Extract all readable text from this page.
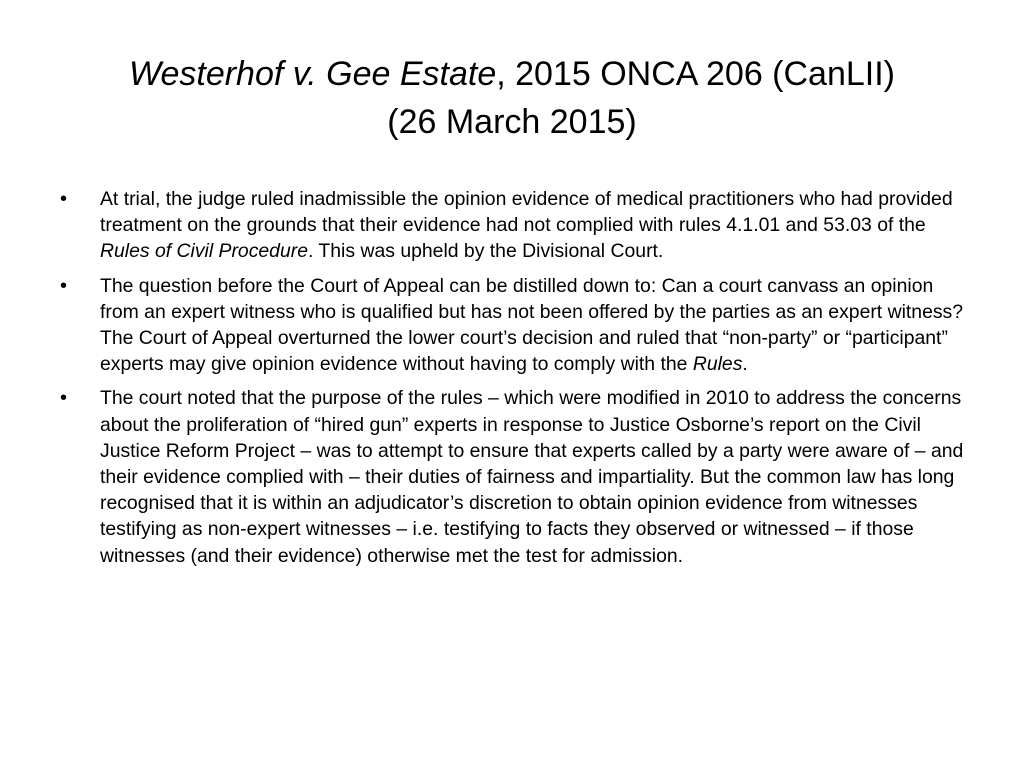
Westerhof v. Gee Estate, 2015 ONCA 206 (CanLII)
(26 March 2015)
•	At trial, the judge ruled inadmissible the opinion evidence of medical practitioners who had provided treatment on the grounds that their evidence had not complied with rules 4.1.01 and 53.03 of the Rules of Civil Procedure. This was upheld by the Divisional Court.
•	The question before the Court of Appeal can be distilled down to: Can a court canvass an opinion from an expert witness who is qualified but has not been offered by the parties as an expert witness? The Court of Appeal overturned the lower court’s decision and ruled that “non-party” or “participant” experts may give opinion evidence without having to comply with the Rules.
•	The court noted that the purpose of the rules – which were modified in 2010 to address the concerns about the proliferation of “hired gun” experts in response to Justice Osborne’s report on the Civil Justice Reform Project – was to attempt to ensure that experts called by a party were aware of – and their evidence complied with – their duties of fairness and impartiality. But the common law has long recognised that it is within an adjudicator’s discretion to obtain opinion evidence from witnesses testifying as non-expert witnesses – i.e. testifying to facts they observed or witnessed – if those witnesses (and their evidence) otherwise met the test for admission.
